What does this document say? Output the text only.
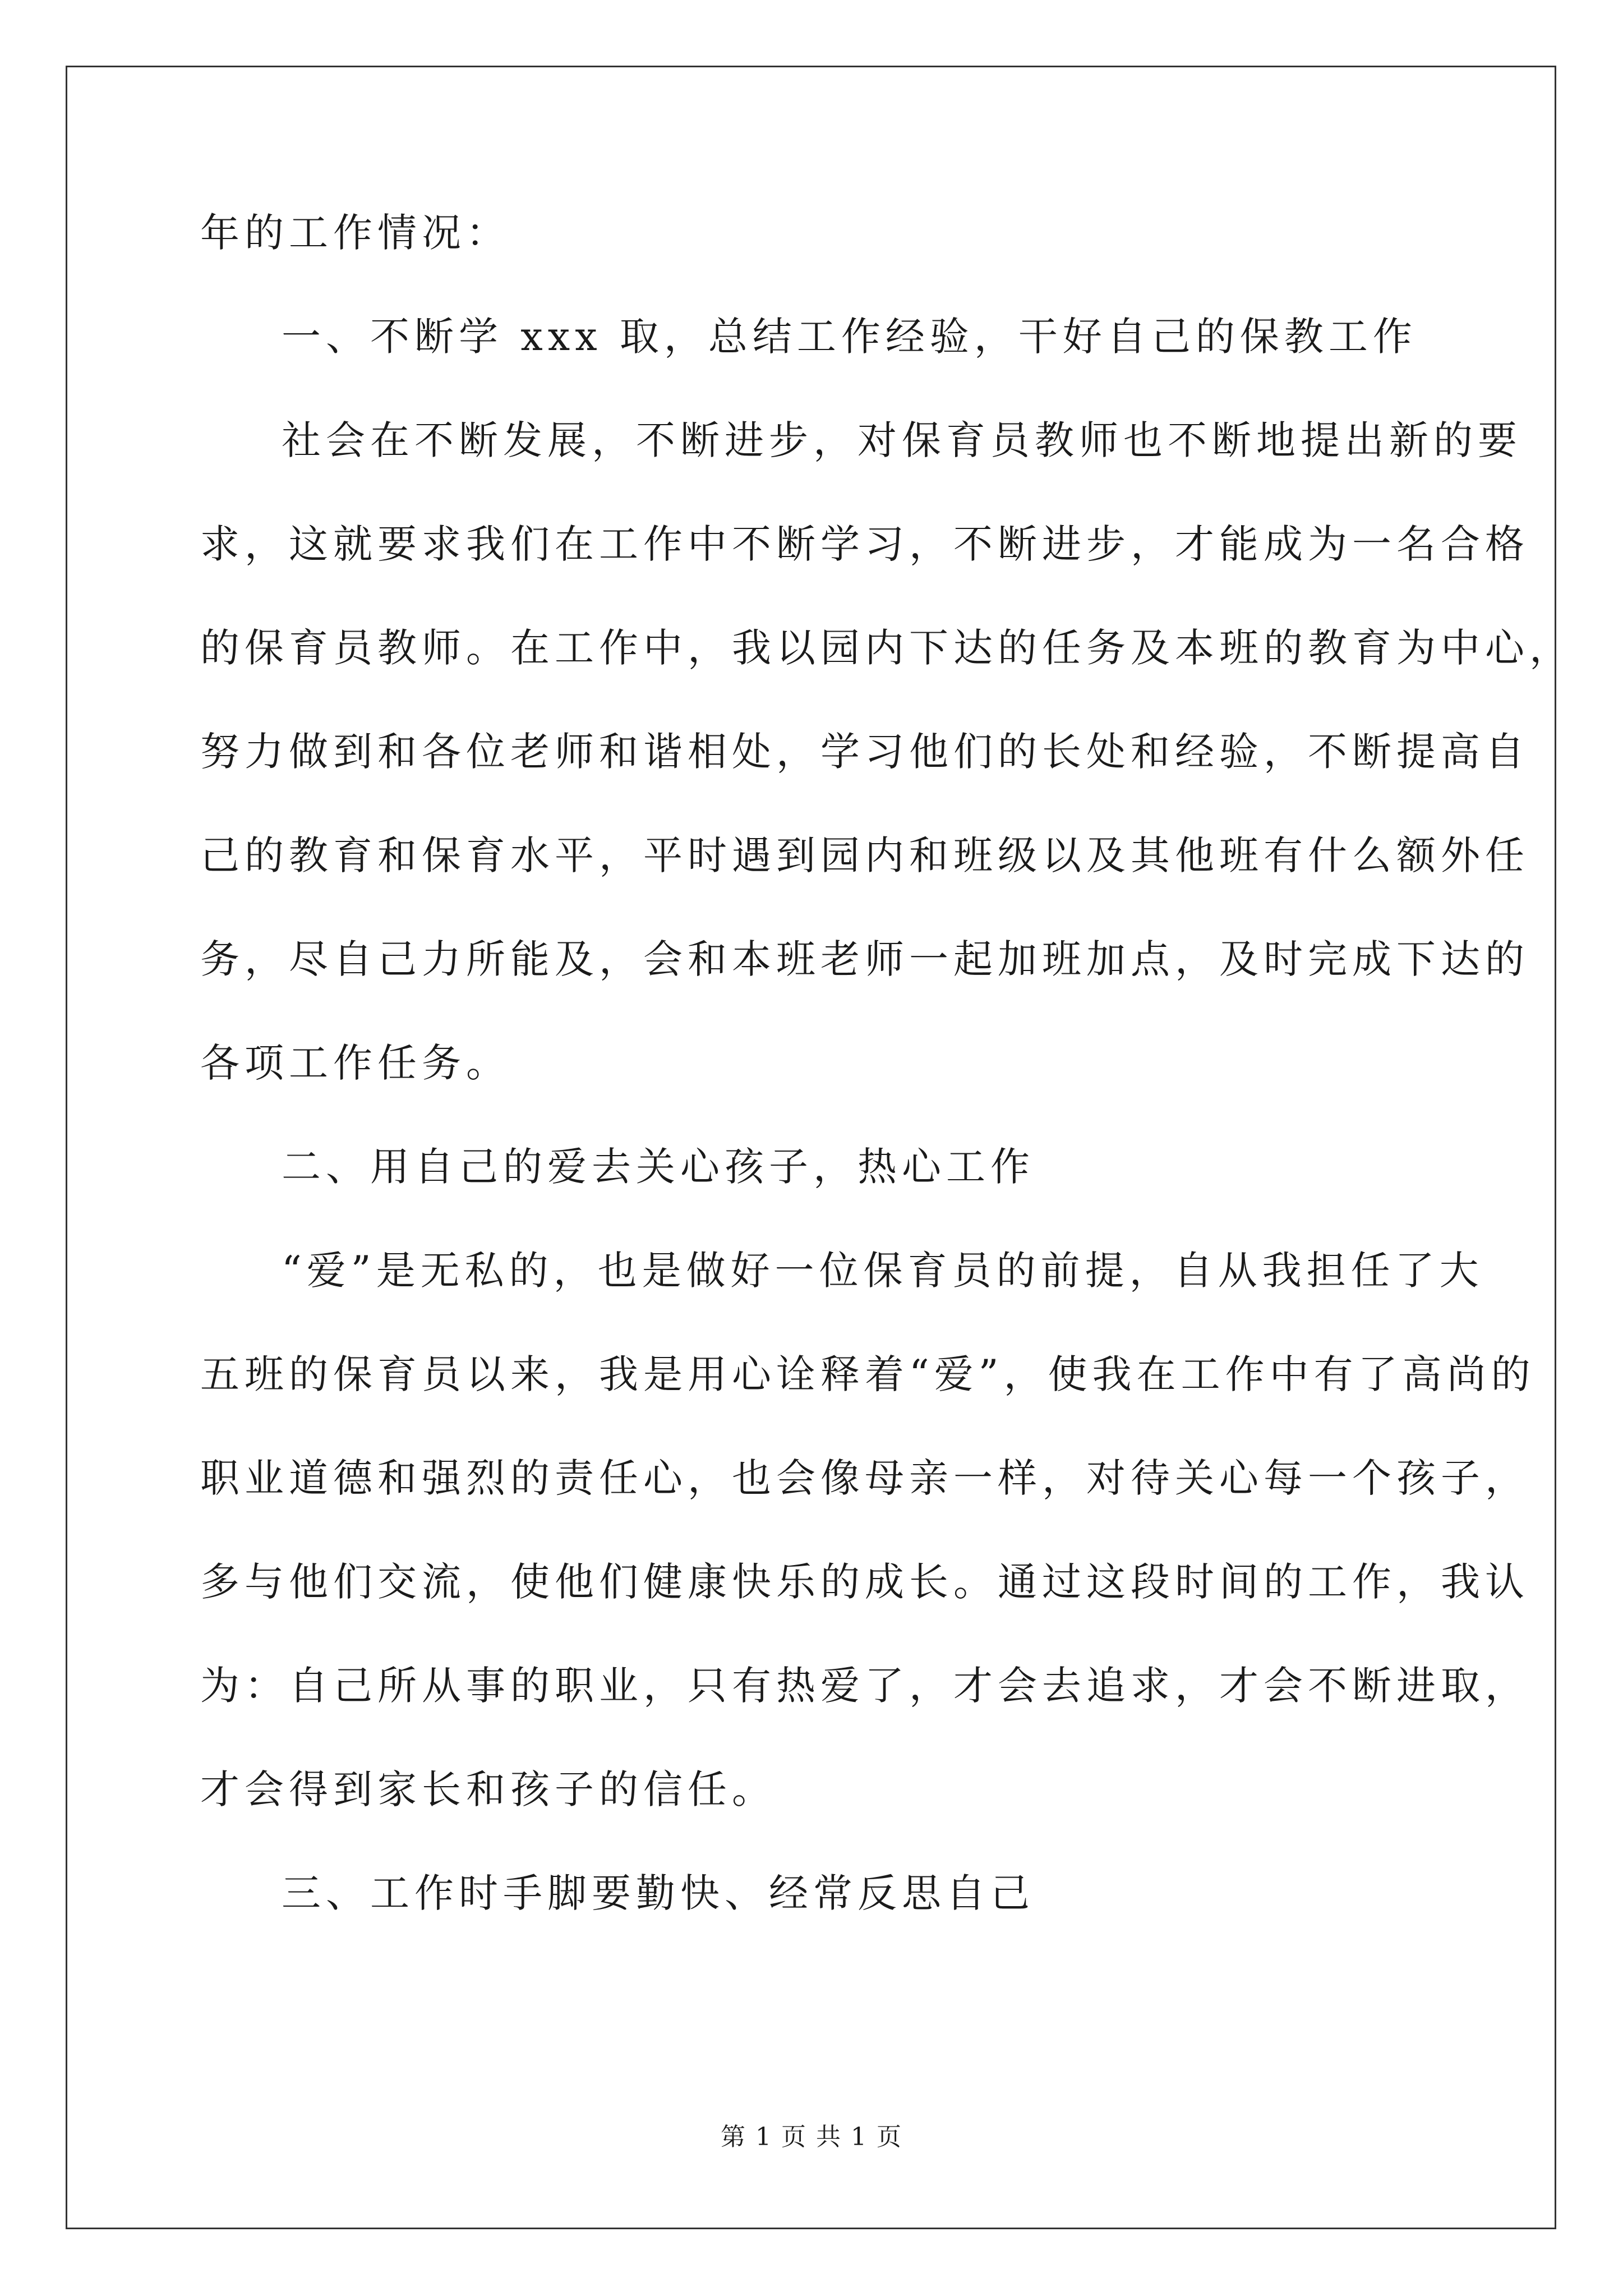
年的工作情况：
一、不断学 xxx 取，总结工作经验，干好自己的保教工作
社会在不断发展，不断进步，对保育员教师也不断地提出新的要
求，这就要求我们在工作中不断学习，不断进步，才能成为一名合格
的保育员教师。在工作中，我以园内下达的任务及本班的教育为中心，
努力做到和各位老师和谐相处，学习他们的长处和经验，不断提高自
己的教育和保育水平，平时遇到园内和班级以及其他班有什么额外任
务，尽自己力所能及，会和本班老师一起加班加点，及时完成下达的
各项工作任务。
二、用自己的爱去关心孩子，热心工作
“爱”是无私的，也是做好一位保育员的前提，自从我担任了大
五班的保育员以来，我是用心诠释着“爱”，使我在工作中有了高尚的
职业道德和强烈的责任心，也会像母亲一样，对待关心每一个孩子，
多与他们交流，使他们健康快乐的成长。通过这段时间的工作，我认
为：自己所从事的职业，只有热爱了，才会去追求，才会不断进取，
才会得到家长和孩子的信任。
三、工作时手脚要勤快、经常反思自己
第 1 页 共 1 页
